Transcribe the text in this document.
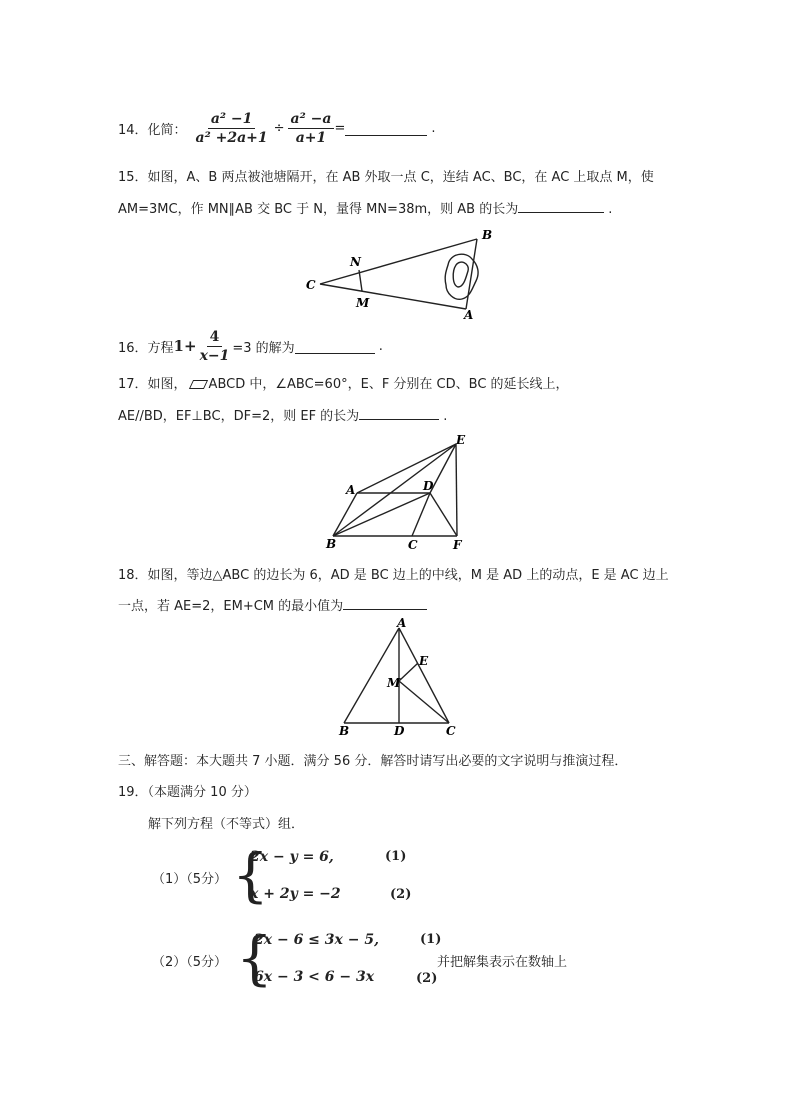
14．化简： $\frac{\text{a² −1}}{\text{a² +2a+1}} \div \frac{\text{a² −a}}{a+1}$ =	.
15．如图，A、B 两点被池塘隔开，在 AB 外取一点 C，连结 AC、BC，在 AC 上取点 M，使
AM=3MC，作 MN∥AB 交 BC 于 N，量得 MN=38m，则 AB 的长为	.
C
N
M
B
A
16．方程 $1+ \frac{4}{x-1} =3$ 的解为	.
17．如图， ABCD 中，∠ABC=60°，E、F 分别在 CD、BC 的延长线上，
AE//BD，EF⊥BC，DF=2，则 EF 的长为	.
E
A	D
B	C	F
18．如图，等边△ABC 的边长为 6，AD 是 BC 边上的中线，M 是 AD 上的动点，E 是 AC 边上
一点，若 AE=2，EM+CM 的最小值为
A
E
M
B	D	C
三、解答题：本大题共 7 小题．满分 56 分．解答时请写出必要的文字说明与推演过程．
19．（本题满分 10 分）
解下列方程（不等式）组．
（1）（5分） {
2x − y = 6,	(1)
x + 2y = −2	(2)
（2）（5分） {
2x − 6 ≤ 3x − 5,	(1)
并把解集表示在数轴上
6x − 3 < 6 − 3x	(2)
